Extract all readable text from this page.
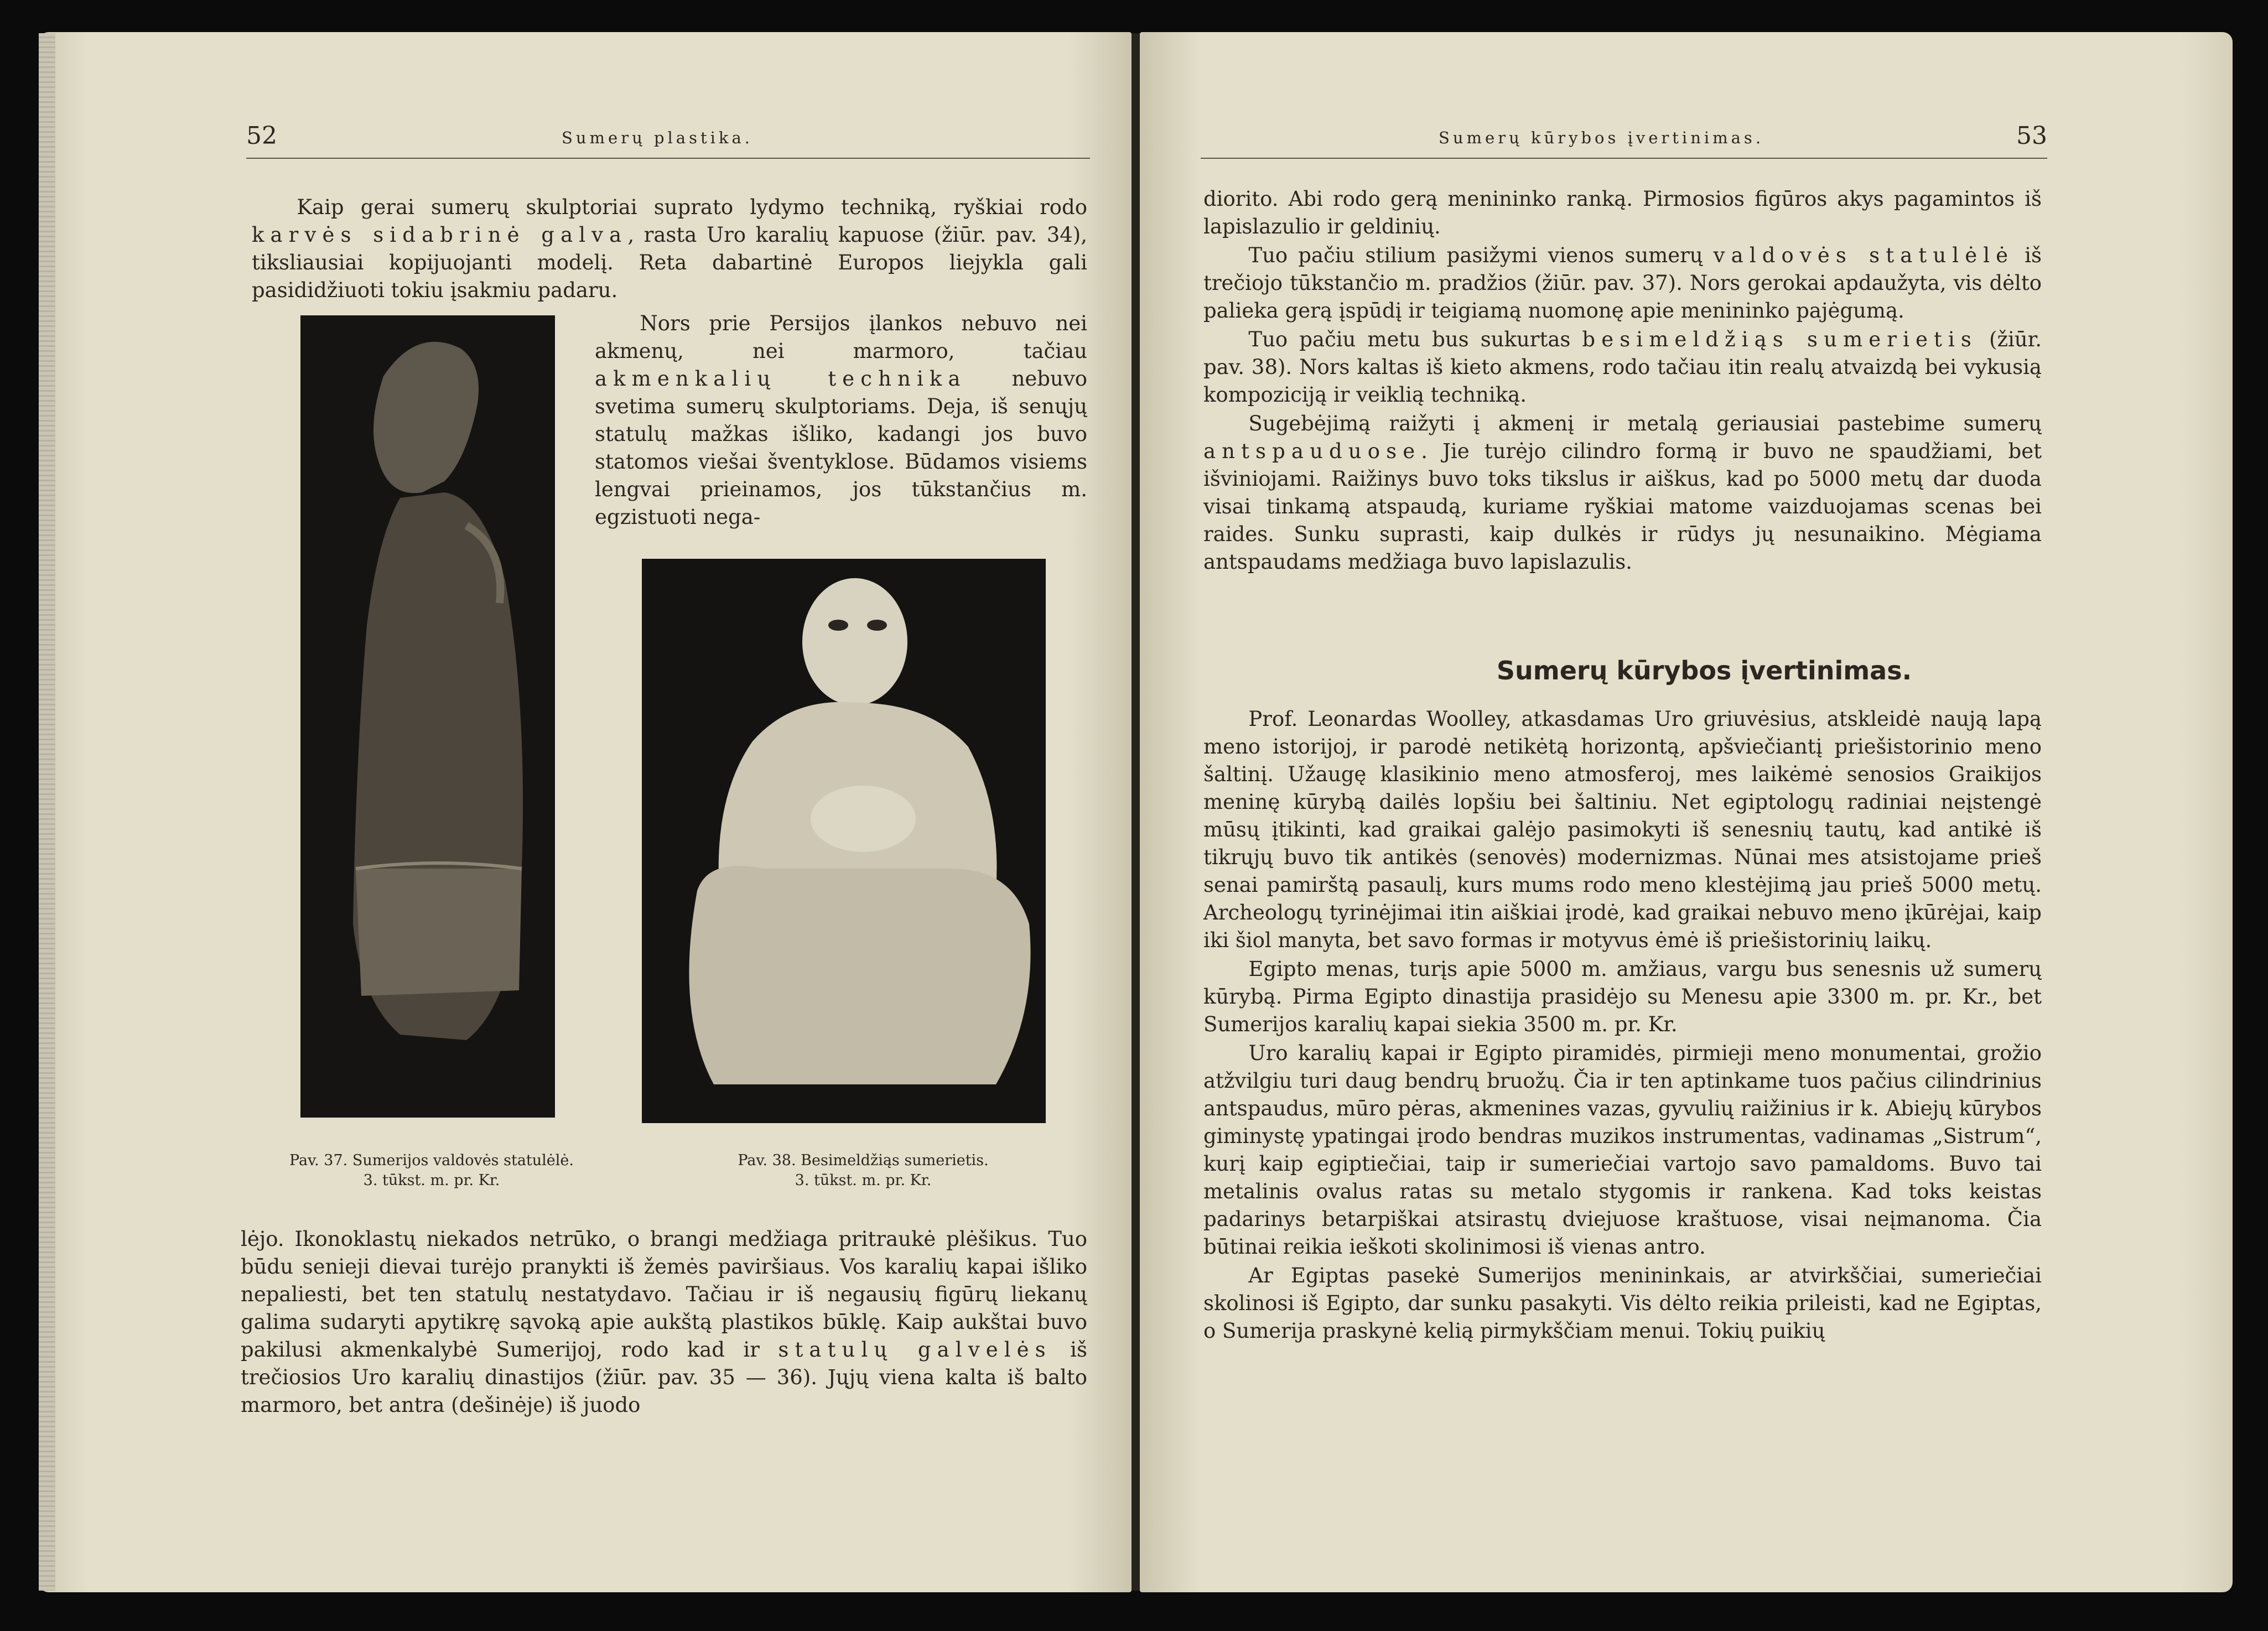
52	Sumerų plastika.

Kaip gerai sumerų skulptoriai suprato lydymo techniką, ryškiai rodo karvės sidabrinė galva, rasta Uro karalių kapuose (žiūr. pav. 34), tiksliausiai kopijuojanti modelį. Reta dabartinė Europos liejykla gali pasididžiuoti tokiu įsakmiu padaru.

Nors prie Persijos įlankos nebuvo nei akmenų, nei marmoro, tačiau akmenkalių technika nebuvo svetima sumerų skulptoriams. Deja, iš senųjų statulų mažkas išliko, kadangi jos buvo statomos viešai šventyklose. Būdamos visiems lengvai prieinamos, jos tūkstančius m. egzistuoti nega-

Pav. 37. Sumerijos valdovės statulėlė.
3. tūkst. m. pr. Kr.
Pav. 38. Besimeldžiąs sumerietis.
3. tūkst. m. pr. Kr.

lėjo. Ikonoklastų niekados netrūko, o brangi medžiaga pritraukė plėšikus. Tuo būdu senieji dievai turėjo pranykti iš žemės paviršiaus. Vos karalių kapai išliko nepaliesti, bet ten statulų nestatydavo. Tačiau ir iš negausių figūrų liekanų galima sudaryti apytikrę sąvoką apie aukštą plastikos būklę. Kaip aukštai buvo pakilusi akmenkalybė Sumerijoj, rodo kad ir statulų galvelės iš trečiosios Uro karalių dinastijos (žiūr. pav. 35 — 36). Jųjų viena kalta iš balto marmoro, bet antra (dešinėje) iš juodo

Sumerų kūrybos įvertinimas.	53

diorito. Abi rodo gerą menininko ranką. Pirmosios figūros akys pagamintos iš lapislazulio ir geldinių.

Tuo pačiu stilium pasižymi vienos sumerų valdovės statulėlė iš trečiojo tūkstančio m. pradžios (žiūr. pav. 37). Nors gerokai apdaužyta, vis dėlto palieka gerą įspūdį ir teigiamą nuomonę apie menininko pajėgumą.

Tuo pačiu metu bus sukurtas besimeldžiąs sumerietis (žiūr. pav. 38). Nors kaltas iš kieto akmens, rodo tačiau itin realų atvaizdą bei vykusią kompoziciją ir veiklią techniką.

Sugebėjimą raižyti į akmenį ir metalą geriausiai pastebime sumerų antspauduose. Jie turėjo cilindro formą ir buvo ne spaudžiami, bet išviniojami. Raižinys buvo toks tikslus ir aiškus, kad po 5000 metų dar duoda visai tinkamą atspaudą, kuriame ryškiai matome vaizduojamas scenas bei raides. Sunku suprasti, kaip dulkės ir rūdys jų nesunaikino. Mėgiama antspaudams medžiaga buvo lapislazulis.

Sumerų kūrybos įvertinimas.

Prof. Leonardas Woolley, atkasdamas Uro griuvėsius, atskleidė naują lapą meno istorijoj, ir parodė netikėtą horizontą, apšviečiantį priešistorinio meno šaltinį. Užaugę klasikinio meno atmosferoj, mes laikėmė senosios Graikijos meninę kūrybą dailės lopšiu bei šaltiniu. Net egiptologų radiniai neįstengė mūsų įtikinti, kad graikai galėjo pasimokyti iš senesnių tautų, kad antikė iš tikrųjų buvo tik antikės (senovės) modernizmas. Nūnai mes atsistojame prieš senai pamirštą pasaulį, kurs mums rodo meno klestėjimą jau prieš 5000 metų. Archeologų tyrinėjimai itin aiškiai įrodė, kad graikai nebuvo meno įkūrėjai, kaip iki šiol manyta, bet savo formas ir motyvus ėmė iš priešistorinių laikų.

Egipto menas, turįs apie 5000 m. amžiaus, vargu bus senesnis už sumerų kūrybą. Pirma Egipto dinastija prasidėjo su Menesu apie 3300 m. pr. Kr., bet Sumerijos karalių kapai siekia 3500 m. pr. Kr.

Uro karalių kapai ir Egipto piramidės, pirmieji meno monumentai, grožio atžvilgiu turi daug bendrų bruožų. Čia ir ten aptinkame tuos pačius cilindrinius antspaudus, mūro pėras, akmenines vazas, gyvulių raižinius ir k. Abiejų kūrybos giminystę ypatingai įrodo bendras muzikos instrumentas, vadinamas „Sistrum“, kurį kaip egiptiečiai, taip ir sumeriečiai vartojo savo pamaldoms. Buvo tai metalinis ovalus ratas su metalo stygomis ir rankena. Kad toks keistas padarinys betarpiškai atsirastų dviejuose kraštuose, visai neįmanoma. Čia būtinai reikia ieškoti skolinimosi iš vienas antro.

Ar Egiptas pasekė Sumerijos menininkais, ar atvirkščiai, sumeriečiai skolinosi iš Egipto, dar sunku pasakyti. Vis dėlto reikia prileisti, kad ne Egiptas, o Sumerija praskynė kelią pirmykščiam menui. Tokių puikių
